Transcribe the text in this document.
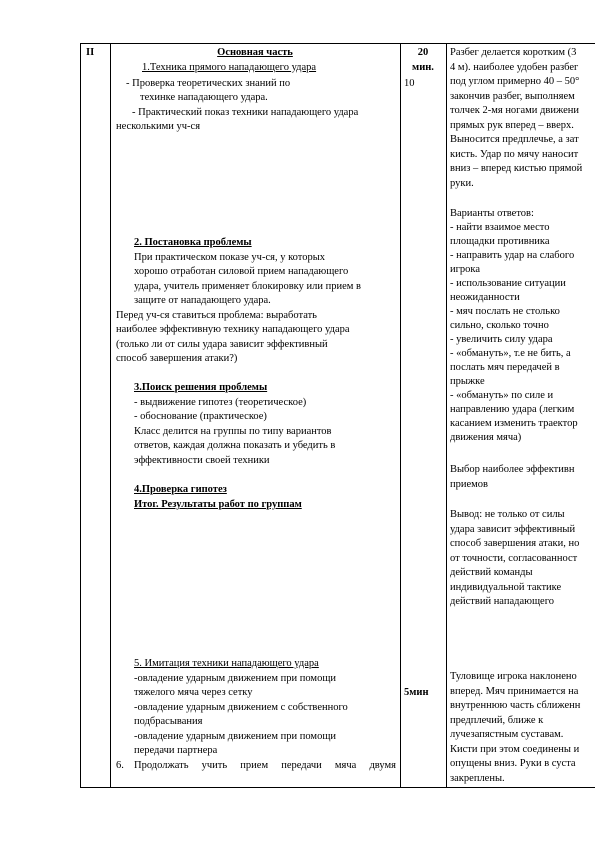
II	Основная часть
1.Техника прямого нападающего удара
- Проверка теоретических знаний по
техинке нападающего удара.
- Практический показ техники нападающего удара
несколькими уч-ся
2. Постановка проблемы
При практическом показе уч-ся, у которых
хорошо отработан силовой прием нападающего
удара, учитель применяет блокировку или прием в
защите от нападающего удара.
Перед уч-ся ставиться проблема: выработать
наиболее эффективную технику нападающего удара
(только ли от силы удара зависит эффективный
способ завершения атаки?)
3.Поиск решения проблемы
- выдвижение гипотез (теоретическое)
- обоснование (практическое)
Класс делится на группы по типу вариантов
ответов, каждая должна показать и убедить в
эффективности своей техники
4.Проверка гипотез
Итог. Результаты работ по группам
5. Имитация техники нападающего удара
-овладение ударным движением при помощи
тяжелого мяча через сетку
-овладение ударным движением с собственного
подбрасывания
-овладение ударным движением при помощи
передачи партнера
6. Продолжать учить прием передачи мяча двумя
20
мин.
10
5мин
Разбег делается коротким (3
4 м). наиболее удобен разбег
под углом примерно 40 – 50°
закончив разбег, выполняем
толчек 2-мя ногами движени
прямых рук вперед – вверх.
Выносится предплечье, а зат
кисть. Удар по мячу наносит
вниз – вперед кистью прямой
руки.
Варианты ответов:
- найти взаимое место
площадки противника
- направить удар на слабого
игрока
- использование ситуации
неожиданности
- мяч послать не столько
сильно, сколько точно
- увеличить силу удара
- «обмануть», т.е не бить, а
послать мяч передачей в
прыжке
- «обмануть» по силе и
направлению удара (легким
касанием изменить траектор
движения мяча)
Выбор наиболее эффективн
приемов
Вывод: не только от силы
удара зависит эффективный
способ завершения атаки, но
от точности, согласованност
действий команды
индивидуальной тактике
действий нападающего
Туловище игрока наклонено
вперед. Мяч принимается на
внутреннюю часть сближенн
предплечий, ближе к
лучезапястным суставам.
Кисти при этом соединены и
опущены вниз. Руки в суста
закреплены.
